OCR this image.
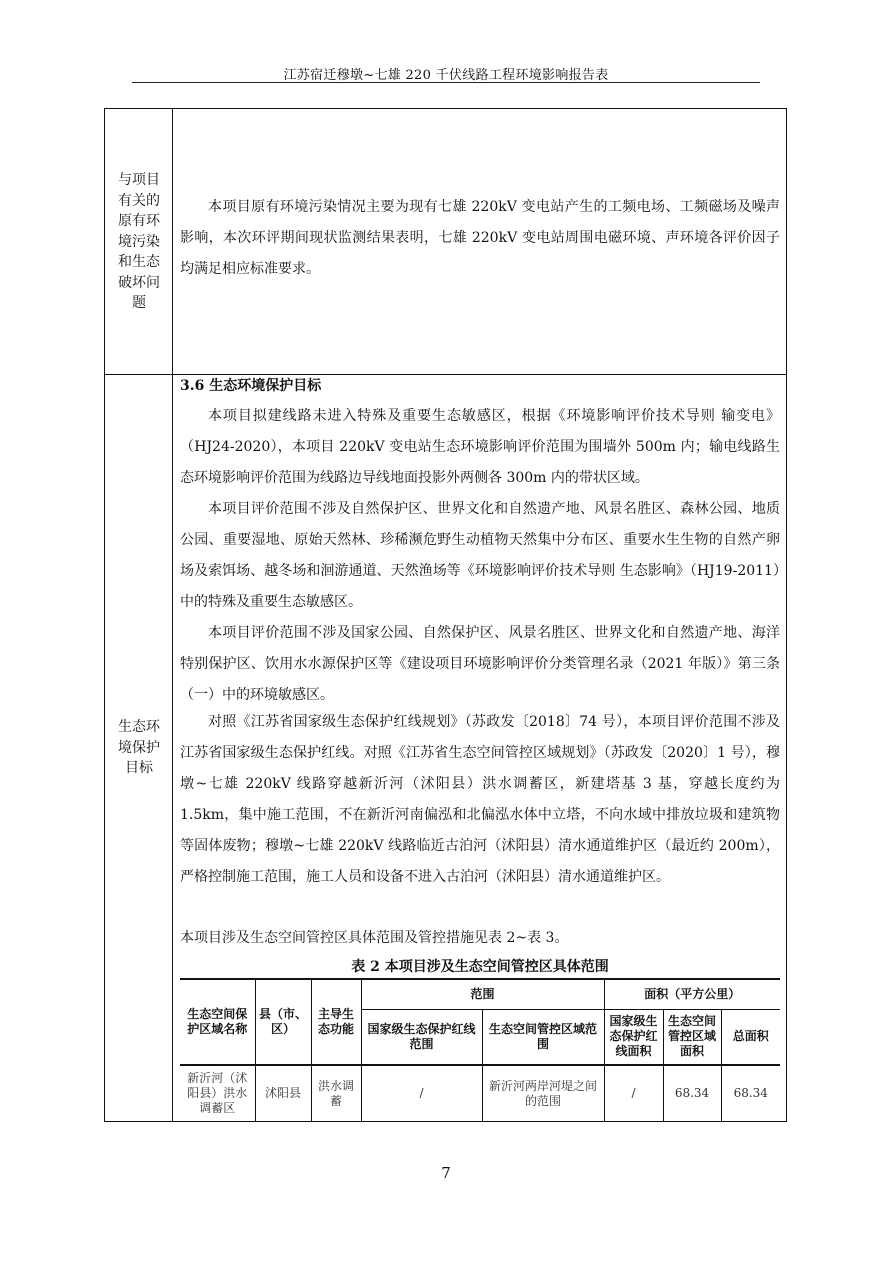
江苏宿迁穆墩~七雄 220 千伏线路工程环境影响报告表
与项目
有关的
原有环
境污染
和生态
破坏问
题

本项目原有环境污染情况主要为现有七雄 220kV 变电站产生的工频电场、工频磁场及噪声影响，本次环评期间现状监测结果表明，七雄 220kV 变电站周围电磁环境、声环境各评价因子均满足相应标准要求。

生态环
境保护
目标
3.6 生态环境保护目标

本项目拟建线路未进入特殊及重要生态敏感区，根据《环境影响评价技术导则 输变电》（HJ24-2020），本项目 220kV 变电站生态环境影响评价范围为围墙外 500m 内；输电线路生态环境影响评价范围为线路边导线地面投影外两侧各 300m 内的带状区域。

本项目评价范围不涉及自然保护区、世界文化和自然遗产地、风景名胜区、森林公园、地质公园、重要湿地、原始天然林、珍稀濒危野生动植物天然集中分布区、重要水生生物的自然产卵场及索饵场、越冬场和洄游通道、天然渔场等《环境影响评价技术导则 生态影响》（HJ19-2011）中的特殊及重要生态敏感区。

本项目评价范围不涉及国家公园、自然保护区、风景名胜区、世界文化和自然遗产地、海洋特别保护区、饮用水水源保护区等《建设项目环境影响评价分类管理名录（2021 年版）》第三条（一）中的环境敏感区。

对照《江苏省国家级生态保护红线规划》（苏政发〔2018〕74 号），本项目评价范围不涉及江苏省国家级生态保护红线。对照《江苏省生态空间管控区域规划》（苏政发〔2020〕1 号），穆墩~七雄 220kV 线路穿越新沂河（沭阳县）洪水调蓄区，新建塔基 3 基，穿越长度约为 1.5km，集中施工范围，不在新沂河南偏泓和北偏泓水体中立塔，不向水域中排放垃圾和建筑物等固体废物；穆墩~七雄 220kV 线路临近古泊河（沭阳县）清水通道维护区（最近约 200m），严格控制施工范围，施工人员和设备不进入古泊河（沭阳县）清水通道维护区。

本项目涉及生态空间管控区具体范围及管控措施见表 2~表 3。

表 2 本项目涉及生态空间管控区具体范围
生态空间保护区域名称	县（市、区）	主导生态功能	范围		面积（平方公里）		
			国家级生态保护红线范围	生态空间管控区域范围	国家级生态保护红线面积	生态空间管控区域面积	总面积
新沂河（沭阳县）洪水调蓄区	沭阳县	洪水调蓄	/	新沂河两岸河堤之间的范围	/	68.34	68.34
7
